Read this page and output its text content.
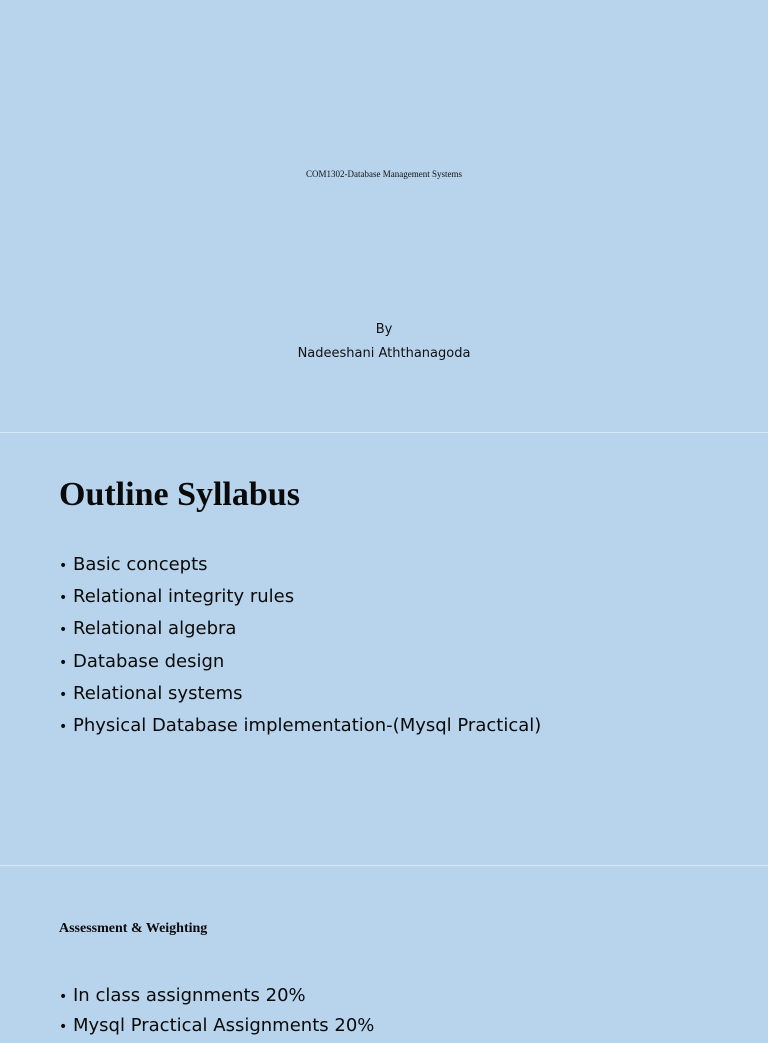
COM1302-Database Management Systems
By
Nadeeshani Aththanagoda
Outline Syllabus
• Basic concepts
• Relational integrity rules
• Relational algebra
• Database design
• Relational systems
• Physical Database implementation-(Mysql Practical)
Assessment & Weighting
• In class assignments 20%
• Mysql Practical Assignments 20%
